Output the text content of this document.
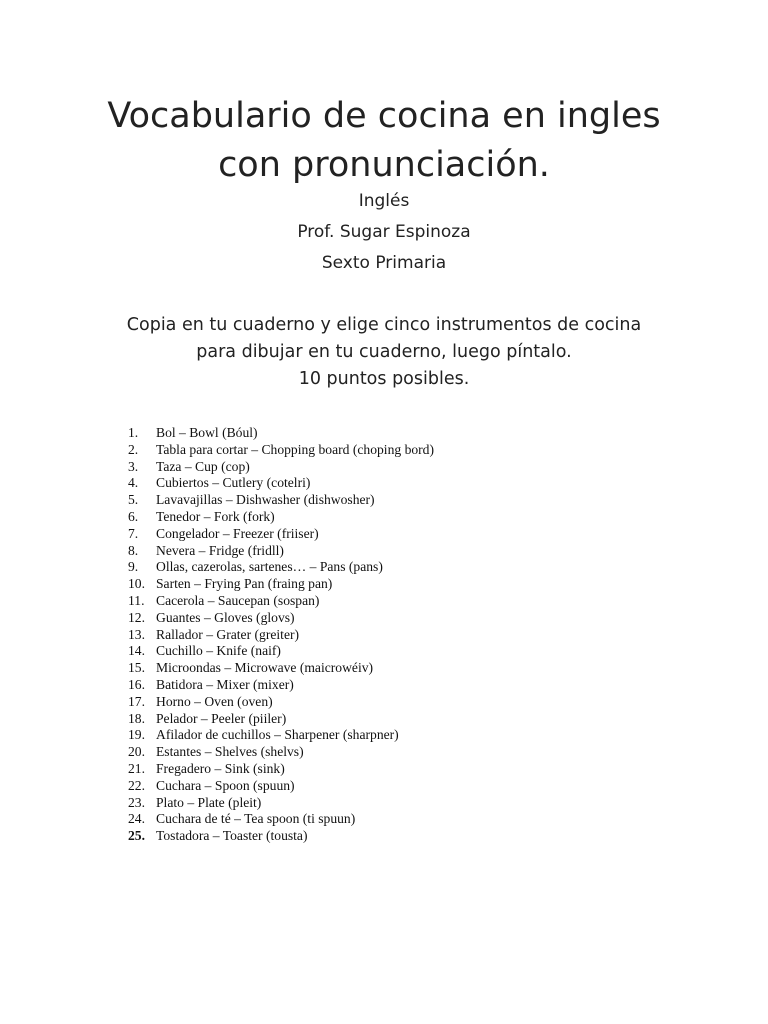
Vocabulario de cocina en ingles
con pronunciación.

Inglés

Prof. Sugar Espinoza

Sexto Primaria

Copia en tu cuaderno y elige cinco instrumentos de cocina
para dibujar en tu cuaderno, luego píntalo.
10 puntos posibles.
1. Bol – Bowl (Bóul)
2. Tabla para cortar – Chopping board (choping bord)
3. Taza – Cup (cop)
4. Cubiertos – Cutlery (cotelri)
5. Lavavajillas – Dishwasher (dishwosher)
6. Tenedor – Fork (fork)
7. Congelador – Freezer (friiser)
8. Nevera – Fridge (fridll)
9. Ollas, cazerolas, sartenes… – Pans (pans)
10. Sarten – Frying Pan (fraing pan)
11. Cacerola – Saucepan (sospan)
12. Guantes – Gloves (glovs)
13. Rallador – Grater (greiter)
14. Cuchillo – Knife (naif)
15. Microondas – Microwave (maicrowéiv)
16. Batidora – Mixer (mixer)
17. Horno – Oven (oven)
18. Pelador – Peeler (piiler)
19. Afilador de cuchillos – Sharpener (sharpner)
20. Estantes – Shelves (shelvs)
21. Fregadero – Sink (sink)
22. Cuchara – Spoon (spuun)
23. Plato – Plate (pleit)
24. Cuchara de té – Tea spoon (ti spuun)
25. Tostadora – Toaster (tousta)
